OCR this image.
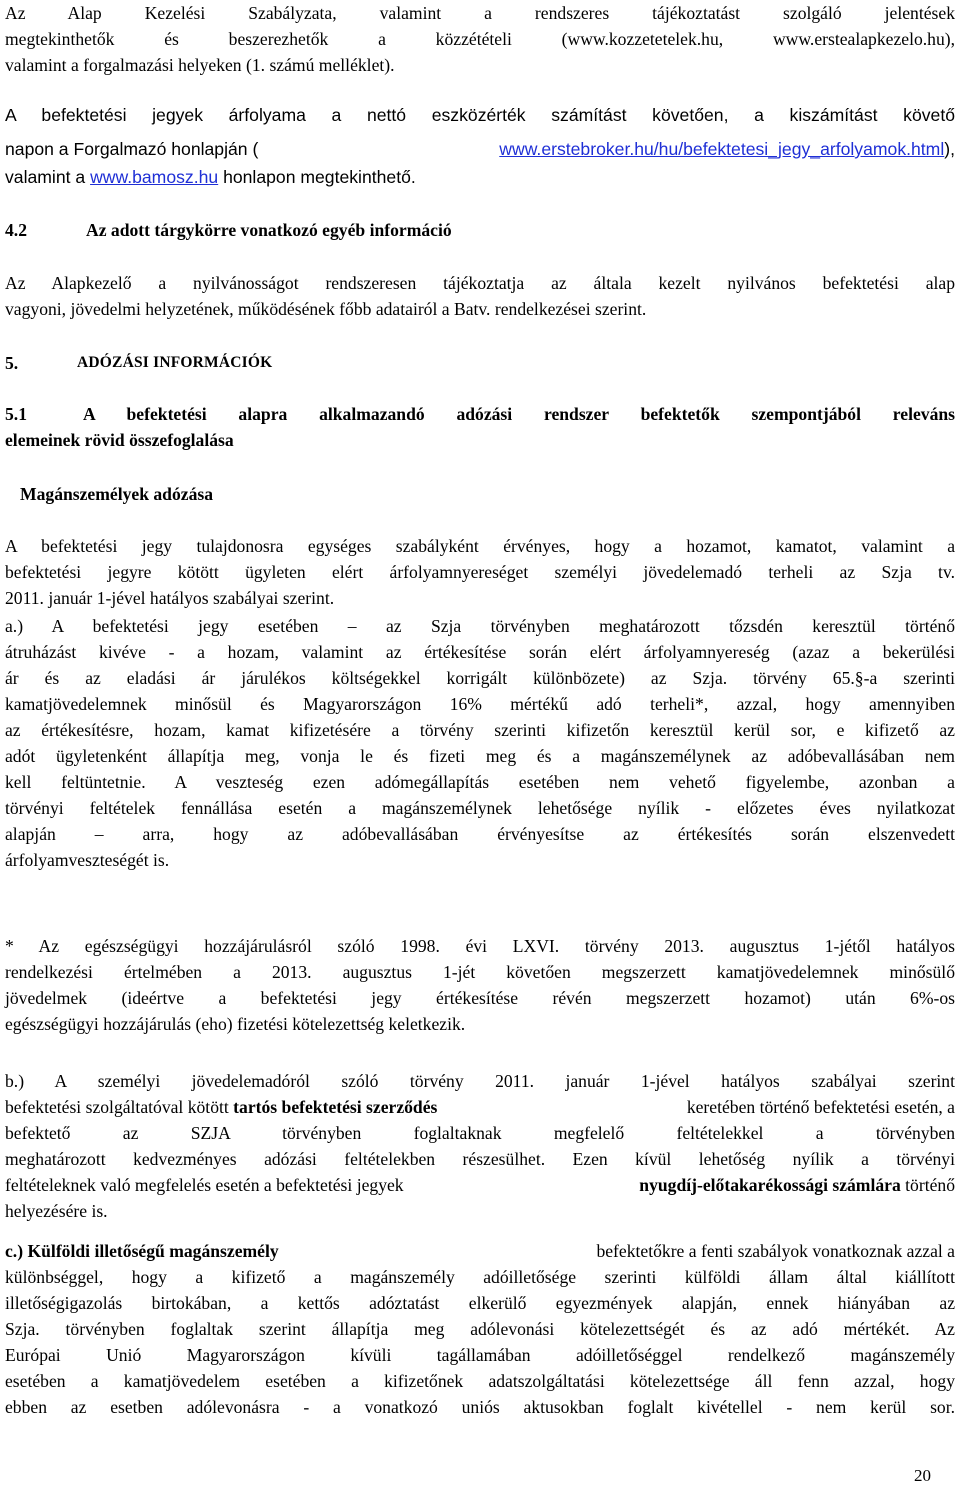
Az Alap Kezelési Szabályzata, valamint a rendszeres tájékoztatást szolgáló jelentések
megtekinthetők és beszerezhetők a közzétételi (www.kozzetetelek.hu, www.erstealapkezelo.hu),
valamint a forgalmazási helyeken (1. számú melléklet).
A befektetési jegyek árfolyama a nettó eszközérték számítást követően, a kiszámítást követő
napon a Forgalmazó honlapján (	www.erstebroker.hu/hu/befektetesi_jegy_arfolyamok.html),
valamint a www.bamosz.hu honlapon megtekinthető.
4.2	Az adott tárgykörre vonatkozó egyéb információ
Az Alapkezelő a nyilvánosságot rendszeresen tájékoztatja az általa kezelt nyilvános befektetési alap
vagyoni, jövedelmi helyzetének, működésének főbb adatairól a Batv. rendelkezései szerint.
5.	ADÓZÁSI INFORMÁCIÓK
5.1	A befektetési alapra alkalmazandó adózási rendszer befektetők szempontjából releváns
elemeinek rövid összefoglalása
Magánszemélyek adózása
A befektetési jegy tulajdonosra egységes szabályként érvényes, hogy a hozamot, kamatot, valamint a
befektetési jegyre kötött ügyleten elért árfolyamnyereséget személyi jövedelemadó terheli az Szja tv.
2011. január 1-jével hatályos szabályai szerint.
a.) A befektetési jegy esetében – az Szja törvényben meghatározott tőzsdén keresztül történő
átruházást kivéve - a hozam, valamint az értékesítése során elért árfolyamnyereség (azaz a bekerülési
ár és az eladási ár járulékos költségekkel korrigált különbözete) az Szja. törvény 65.§-a szerinti
kamatjövedelemnek minősül és Magyarországon 16% mértékű adó terheli*, azzal, hogy amennyiben
az értékesítésre, hozam, kamat kifizetésére a törvény szerinti kifizetőn keresztül kerül sor, e kifizető az
adót ügyletenként állapítja meg, vonja le és fizeti meg és a magánszemélynek az adóbevallásában nem
kell feltüntetnie. A veszteség ezen adómegállapítás esetében nem vehető figyelembe, azonban a
törvényi feltételek fennállása esetén a magánszemélynek lehetősége nyílik - előzetes éves nyilatkozat
alapján – arra, hogy az adóbevallásában érvényesítse az értékesítés során elszenvedett
árfolyamveszteségét is.
* Az egészségügyi hozzájárulásról szóló 1998. évi LXVI. törvény 2013. augusztus 1-jétől hatályos
rendelkezési értelmében a 2013. augusztus 1-jét követően megszerzett kamatjövedelemnek minősülő
jövedelmek (ideértve a befektetési jegy értékesítése révén megszerzett hozamot) után 6%-os
egészségügyi hozzájárulás (eho) fizetési kötelezettség keletkezik.
b.) A személyi jövedelemadóról szóló törvény 2011. január 1-jével hatályos szabályai szerint
befektetési szolgáltatóval kötött tartós befektetési szerződés	keretében történő befektetési esetén, a
befektető az SZJA törvényben foglaltaknak megfelelő feltételekkel a törvényben
meghatározott kedvezményes adózási feltételekben részesülhet. Ezen kívül lehetőség nyílik a törvényi
feltételeknek való megfelelés esetén a befektetési jegyek	nyugdíj-előtakarékossági számlára történő
helyezésére is.
c.) Külföldi illetőségű magánszemély	befektetőkre a fenti szabályok vonatkoznak azzal a
különbséggel, hogy a kifizető a magánszemély adóilletősége szerinti külföldi állam által kiállított
illetőségigazolás birtokában, a kettős adóztatást elkerülő egyezmények alapján, ennek hiányában az
Szja. törvényben foglaltak szerint állapítja meg adólevonási kötelezettségét és az adó mértékét. Az
Európai Unió Magyarországon kívüli tagállamában adóilletőséggel rendelkező magánszemély
esetében a kamatjövedelem esetében a kifizetőnek adatszolgáltatási kötelezettsége áll fenn azzal, hogy
ebben az esetben adólevonásra - a vonatkozó uniós aktusokban foglalt kivétellel - nem kerül sor.
20
